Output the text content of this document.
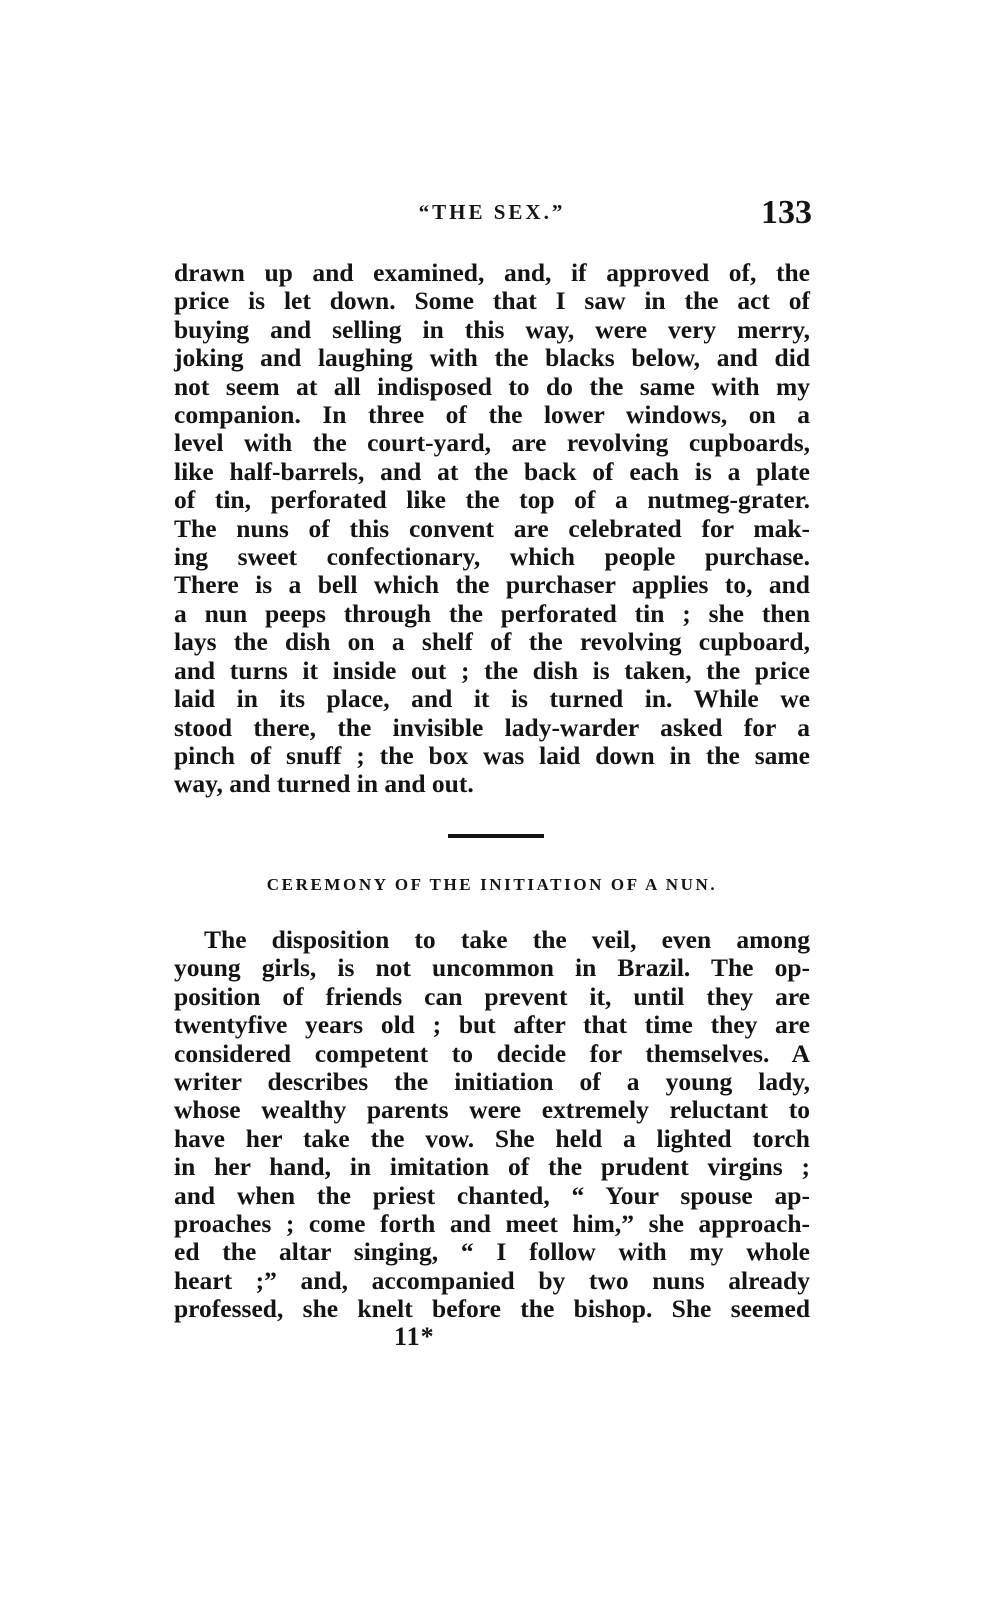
“THE SEX.”	133
drawn up and examined, and, if approved of, the
price is let down. Some that I saw in the act of
buying and selling in this way, were very merry,
joking and laughing with the blacks below, and did
not seem at all indisposed to do the same with my
companion. In three of the lower windows, on a
level with the court-yard, are revolving cupboards,
like half-barrels, and at the back of each is a plate
of tin, perforated like the top of a nutmeg-grater.
The nuns of this convent are celebrated for mak-
ing sweet confectionary, which people purchase.
There is a bell which the purchaser applies to, and
a nun peeps through the perforated tin ; she then
lays the dish on a shelf of the revolving cupboard,
and turns it inside out ; the dish is taken, the price
laid in its place, and it is turned in. While we
stood there, the invisible lady-warder asked for a
pinch of snuff ; the box was laid down in the same
way, and turned in and out.
CEREMONY OF THE INITIATION OF A NUN.
The disposition to take the veil, even among
young girls, is not uncommon in Brazil. The op-
position of friends can prevent it, until they are
twentyfive years old ; but after that time they are
considered competent to decide for themselves. A
writer describes the initiation of a young lady,
whose wealthy parents were extremely reluctant to
have her take the vow. She held a lighted torch
in her hand, in imitation of the prudent virgins ;
and when the priest chanted, “ Your spouse ap-
proaches ; come forth and meet him,” she approach-
ed the altar singing, “ I follow with my whole
heart ;” and, accompanied by two nuns already
professed, she knelt before the bishop. She seemed
11*
